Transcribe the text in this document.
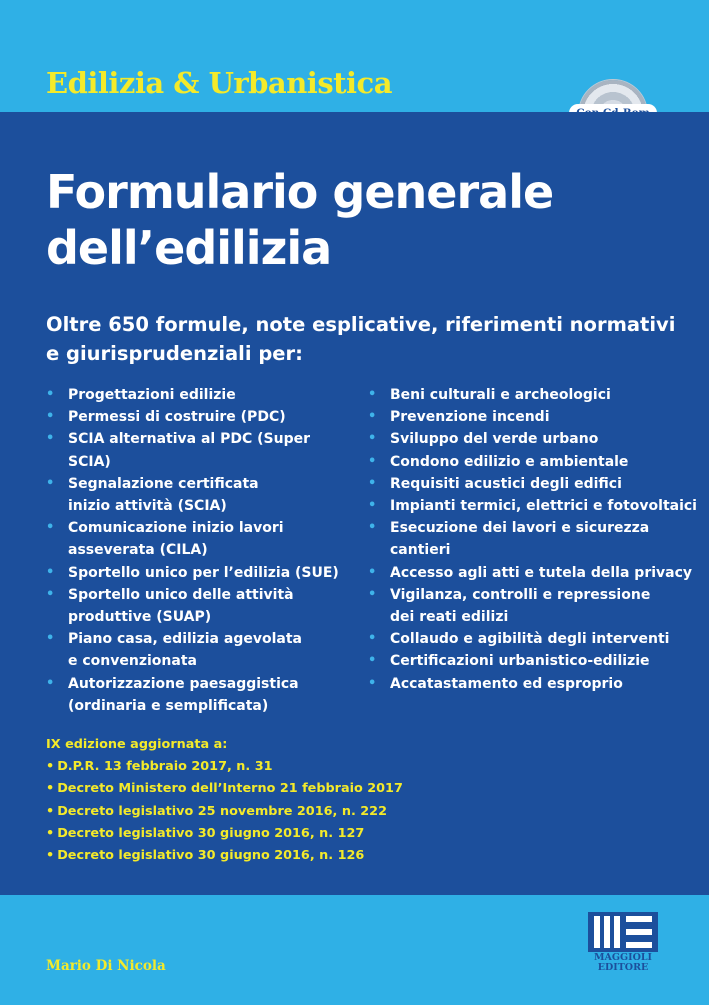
Edilizia & Urbanistica
Formulario generale
dell’edilizia
Oltre 650 formule, note esplicative, riferimenti normativi e giurisprudenziali per:
• Progettazioni edilizie
• Permessi di costruire (PDC)
• SCIA alternativa al PDC (Super SCIA)
• Segnalazione certificata
inizio attività (SCIA)
• Comunicazione inizio lavori
asseverata (CILA)
• Sportello unico per l’edilizia (SUE)
• Sportello unico delle attività
produttive (SUAP)
• Piano casa, edilizia agevolata
e convenzionata
• Autorizzazione paesaggistica
(ordinaria e semplificata)
• Beni culturali e archeologici
• Prevenzione incendi
• Sviluppo del verde urbano
• Condono edilizio e ambientale
• Requisiti acustici degli edifici
• Impianti termici, elettrici e fotovoltaici
• Esecuzione dei lavori e sicurezza
cantieri
• Accesso agli atti e tutela della privacy
• Vigilanza, controlli e repressione
dei reati edilizi
• Collaudo e agibilità degli interventi
• Certificazioni urbanistico-edilizie
• Accatastamento ed esproprio
IX edizione aggiornata a:
• D.P.R. 13 febbraio 2017, n. 31
• Decreto Ministero dell’Interno 21 febbraio 2017
• Decreto legislativo 25 novembre 2016, n. 222
• Decreto legislativo 30 giugno 2016, n. 127
• Decreto legislativo 30 giugno 2016, n. 126
Mario Di Nicola
MAGGIOLI
EDITORE
